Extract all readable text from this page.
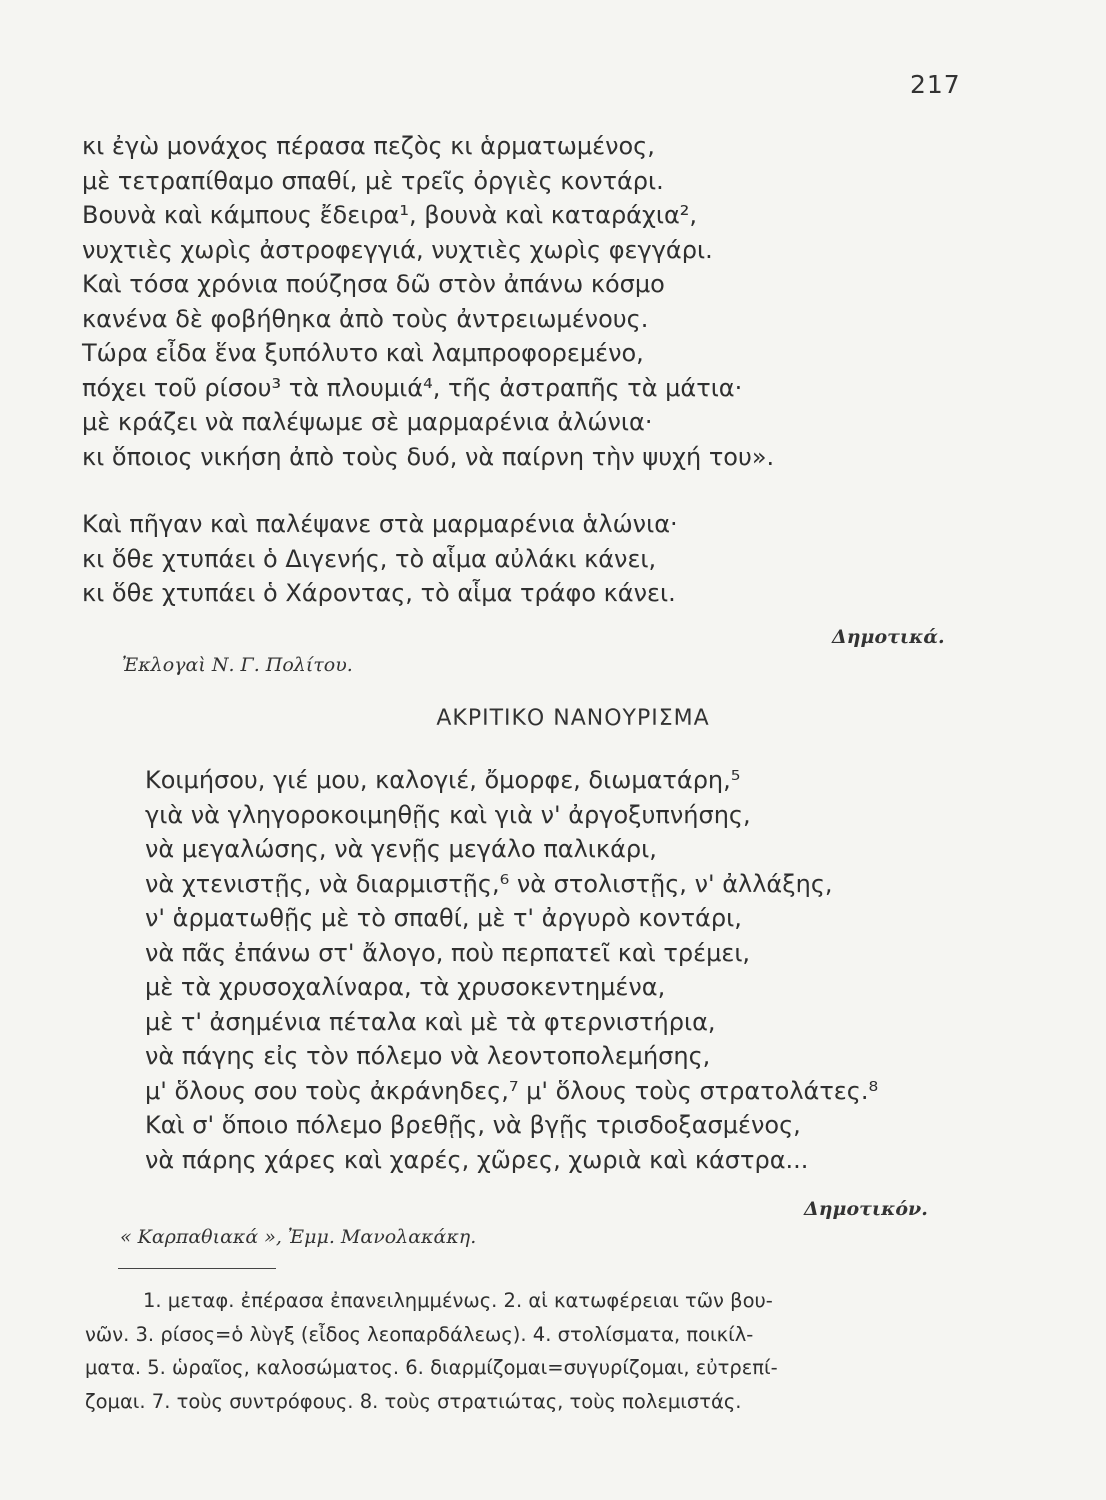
217
κι ἐγὼ μονάχος πέρασα πεζὸς κι ἁρματωμένος,
μὲ τετραπίθαμο σπαθί, μὲ τρεῖς ὀργιὲς κοντάρι.
Βουνὰ καὶ κάμπους ἔδειρα¹, βουνὰ καὶ καταράχια²,
νυχτιὲς χωρὶς ἀστροφεγγιά, νυχτιὲς χωρὶς φεγγάρι.
Καὶ τόσα χρόνια πούζησα δῶ στὸν ἀπάνω κόσμο
κανένα δὲ φοβήθηκα ἀπὸ τοὺς ἀντρειωμένους.
Τώρα εἶδα ἕνα ξυπόλυτο καὶ λαμπροφορεμένο,
πόχει τοῦ ρίσου³ τὰ πλουμιά⁴, τῆς ἀστραπῆς τὰ μάτια·
μὲ κράζει νὰ παλέψωμε σὲ μαρμαρένια ἀλώνια·
κι ὅποιος νικήση ἀπὸ τοὺς δυό, νὰ παίρνη τὴν ψυχή του».
Καὶ πῆγαν καὶ παλέψανε στὰ μαρμαρένια ἁλώνια·
κι ὅθε χτυπάει ὁ Διγενής, τὸ αἷμα αὐλάκι κάνει,
κι ὅθε χτυπάει ὁ Χάροντας, τὸ αἷμα τράφο κάνει.
Δημοτικά.
Ἐκλογαὶ Ν. Γ. Πολίτου.
ΑΚΡΙΤΙΚΟ ΝΑΝΟΥΡΙΣΜΑ
Κοιμήσου, γιέ μου, καλογιέ, ὄμορφε, διωματάρη,⁵
γιὰ νὰ γληγοροκοιμηθῇς καὶ γιὰ ν' ἀργοξυπνήσης,
νὰ μεγαλώσης, νὰ γενῇς μεγάλο παλικάρι,
νὰ χτενιστῇς, νὰ διαρμιστῇς,⁶ νὰ στολιστῇς, ν' ἀλλάξης,
ν' ἁρματωθῇς μὲ τὸ σπαθί, μὲ τ' ἀργυρὸ κοντάρι,
νὰ πᾶς ἐπάνω στ' ἄλογο, ποὺ περπατεῖ καὶ τρέμει,
μὲ τὰ χρυσοχαλίναρα, τὰ χρυσοκεντημένα,
μὲ τ' ἀσημένια πέταλα καὶ μὲ τὰ φτερνιστήρια,
νὰ πάγης εἰς τὸν πόλεμο νὰ λεοντοπολεμήσης,
μ' ὅλους σου τοὺς ἀκράνηδες,⁷ μ' ὅλους τοὺς στρατολάτες.⁸
Καὶ σ' ὅποιο πόλεμο βρεθῇς, νὰ βγῇς τρισδοξασμένος,
νὰ πάρης χάρες καὶ χαρές, χῶρες, χωριὰ καὶ κάστρα...
Δημοτικόν.
« Καρπαθιακά », Ἐμμ. Μανολακάκη.
1. μεταφ. ἐπέρασα ἐπανειλημμένως. 2. αἱ κατωφέρειαι τῶν βου-
νῶν. 3. ρίσος=ὁ λὺγξ (εἶδος λεοπαρδάλεως). 4. στολίσματα, ποικίλ-
ματα. 5. ὡραῖος, καλοσώματος. 6. διαρμίζομαι=συγυρίζομαι, εὐτρεπί-
ζομαι. 7. τοὺς συντρόφους. 8. τοὺς στρατιώτας, τοὺς πολεμιστάς.
